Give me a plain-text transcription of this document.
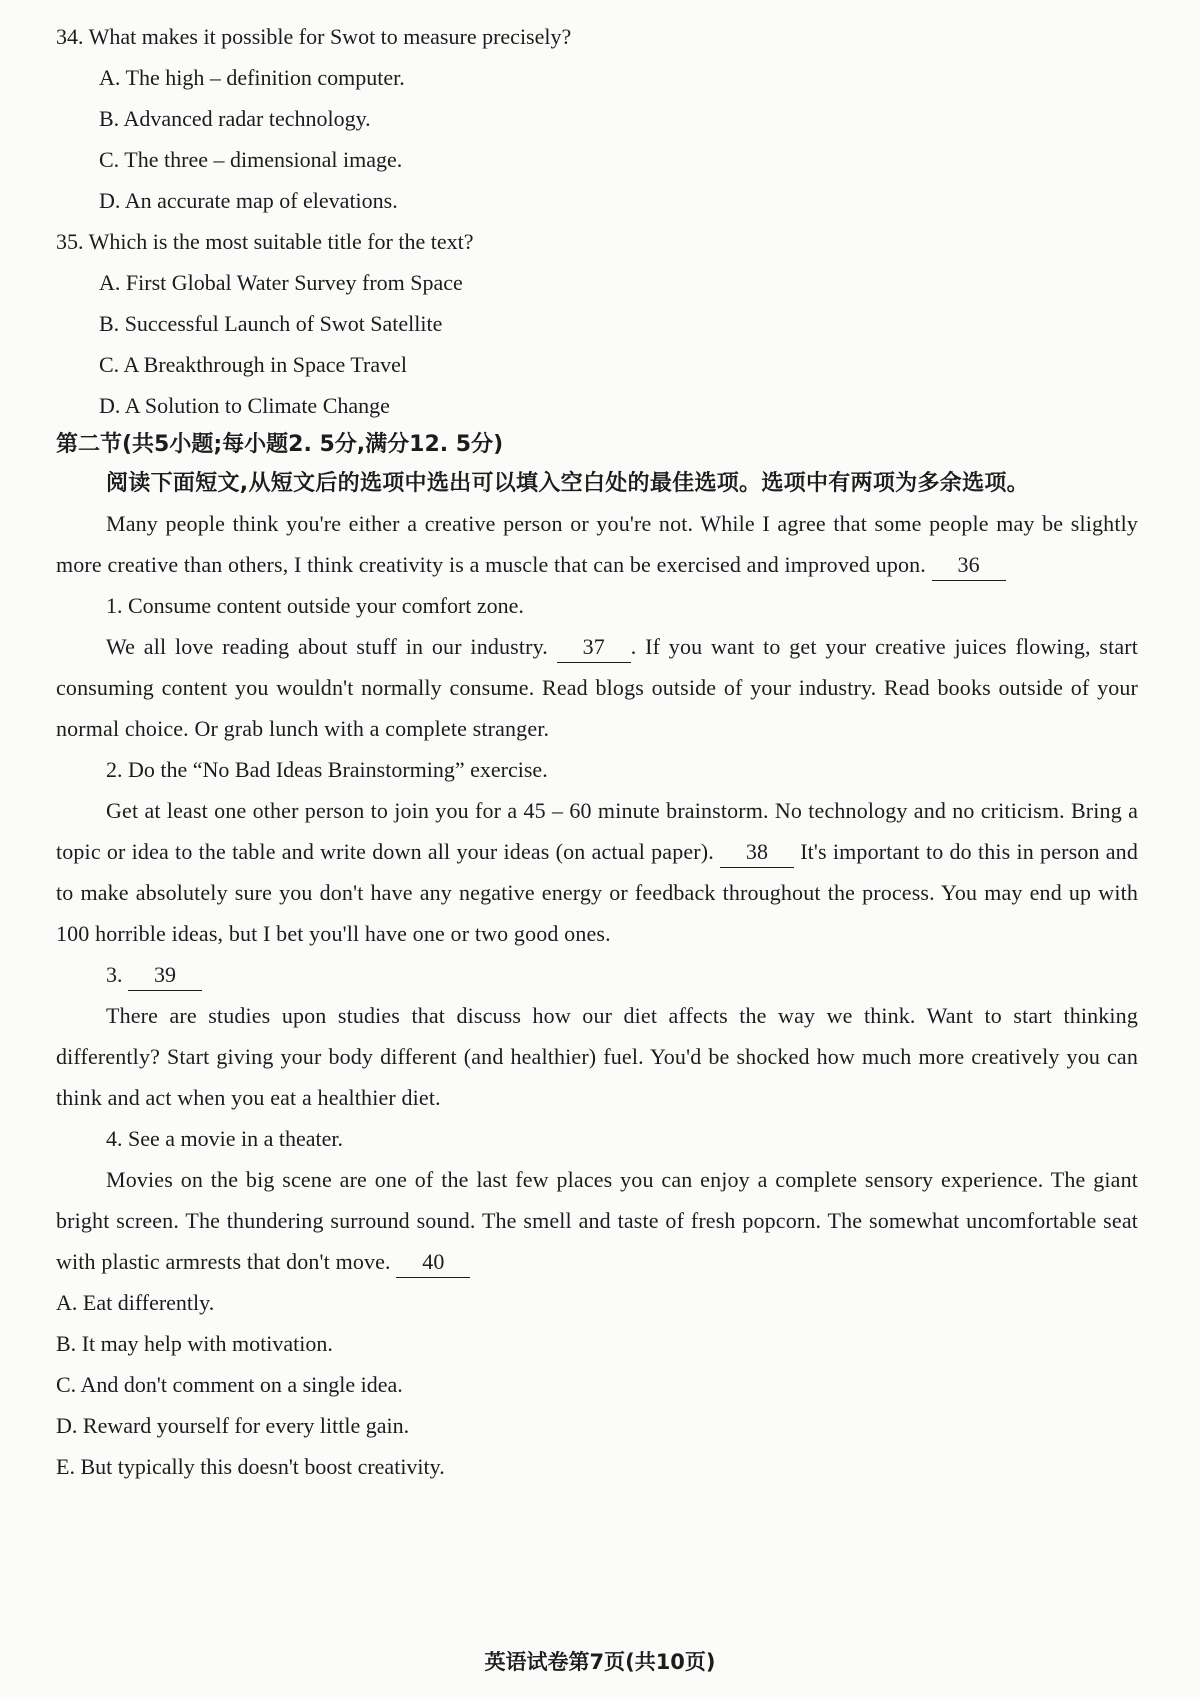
34. What makes it possible for Swot to measure precisely?

A. The high – definition computer.

B. Advanced radar technology.

C. The three – dimensional image.

D. An accurate map of elevations.

35. Which is the most suitable title for the text?

A. First Global Water Survey from Space

B. Successful Launch of Swot Satellite

C. A Breakthrough in Space Travel

D. A Solution to Climate Change

第二节(共5小题;每小题2. 5分,满分12. 5分)

阅读下面短文,从短文后的选项中选出可以填入空白处的最佳选项。选项中有两项为多余选项。

Many people think you're either a creative person or you're not. While I agree that some people may be slightly more creative than others, I think creativity is a muscle that can be exercised and improved upon. 36

1. Consume content outside your comfort zone.

We all love reading about stuff in our industry. 37 . If you want to get your creative juices flowing, start consuming content you wouldn't normally consume. Read blogs outside of your industry. Read books outside of your normal choice. Or grab lunch with a complete stranger.

2. Do the “No Bad Ideas Brainstorming” exercise.

Get at least one other person to join you for a 45 – 60 minute brainstorm. No technology and no criticism. Bring a topic or idea to the table and write down all your ideas (on actual paper). 38 It's important to do this in person and to make absolutely sure you don't have any negative energy or feedback throughout the process. You may end up with 100 horrible ideas, but I bet you'll have one or two good ones.

3. 39

There are studies upon studies that discuss how our diet affects the way we think. Want to start thinking differently? Start giving your body different (and healthier) fuel. You'd be shocked how much more creatively you can think and act when you eat a healthier diet.

4. See a movie in a theater.

Movies on the big scene are one of the last few places you can enjoy a complete sensory experience. The giant bright screen. The thundering surround sound. The smell and taste of fresh popcorn. The somewhat uncomfortable seat with plastic armrests that don't move. 40

A. Eat differently.

B. It may help with motivation.

C. And don't comment on a single idea.

D. Reward yourself for every little gain.

E. But typically this doesn't boost creativity.

英语试卷第7页(共10页)
